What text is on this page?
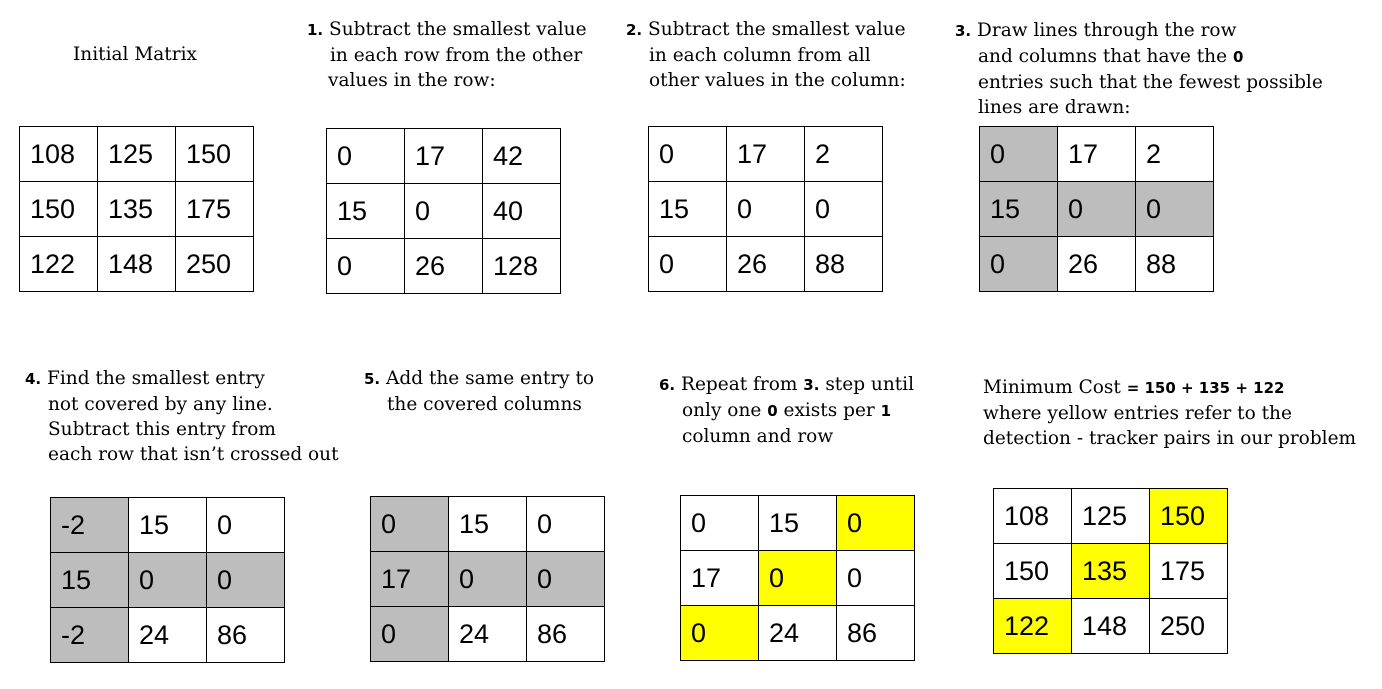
Initial Matrix
1. Subtract the smallest value
in each row from the other
values in the row:
2. Subtract the smallest value
in each column from all
other values in the column:
3. Draw lines through the row
and columns that have the 0
entries such that the fewest possible
lines are drawn:
4. Find the smallest entry
not covered by any line.
Subtract this entry from
each row that isn’t crossed out
5. Add the same entry to
the covered columns
6. Repeat from 3. step until
only one 0 exists per 1
column and row
Minimum Cost = 150 + 135 + 122
where yellow entries refer to the
detection - tracker pairs in our problem
108	125	150
150	135	175
122	148	250
0	17	42
15	0	40
0	26	128
0	17	2
15	0	0
0	26	88
0	17	2
15	0	0
0	26	88
-2	15	0
15	0	0
-2	24	86
0	15	0
17	0	0
0	24	86
0	15	0
17	0	0
0	24	86
108	125	150
150	135	175
122	148	250
